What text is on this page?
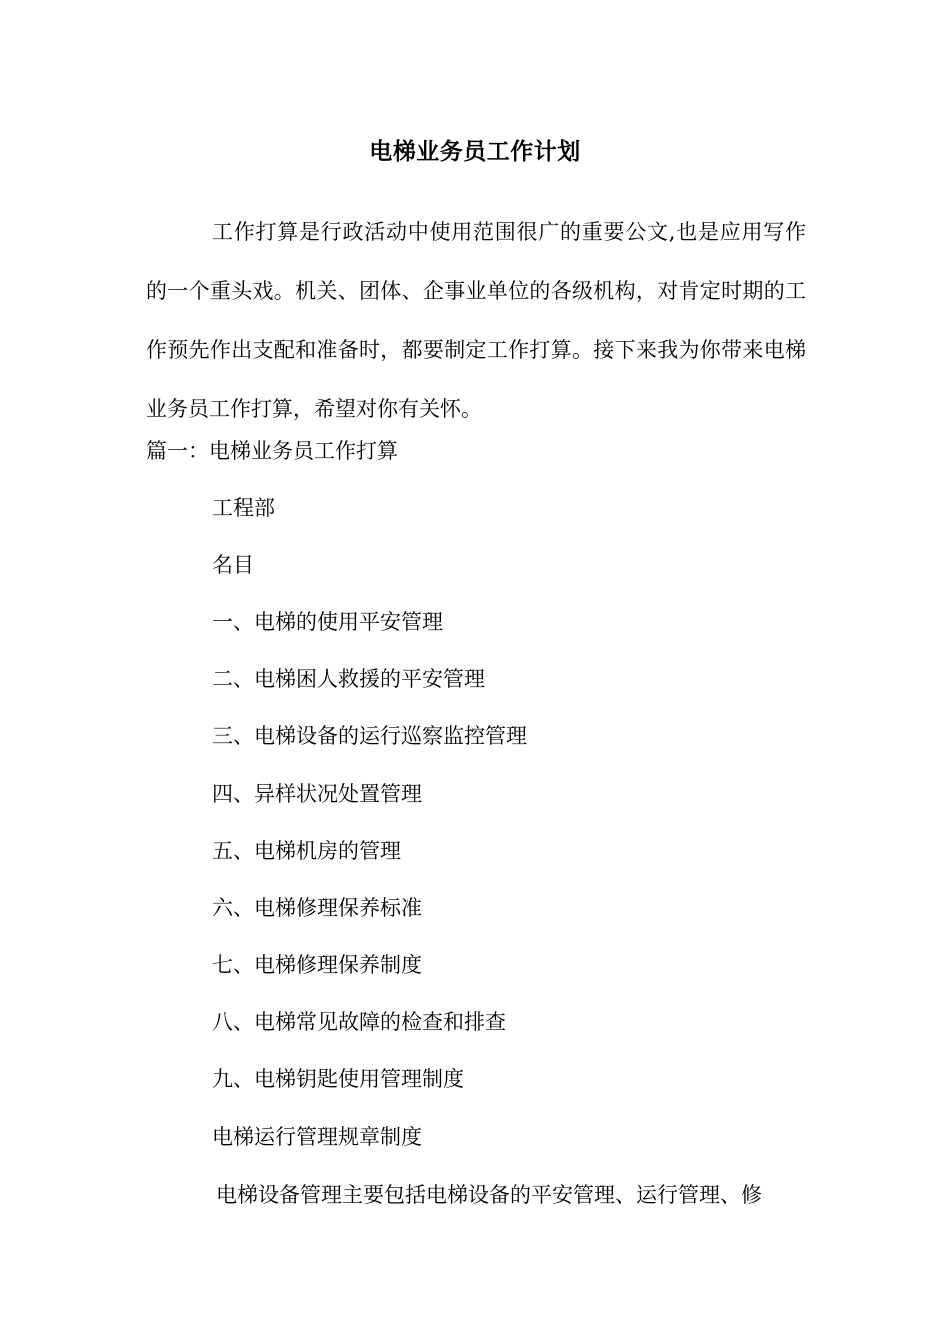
电梯业务员工作计划

工作打算是行政活动中使用范围很广的重要公文,也是应用写作的一个重头戏。机关、团体、企事业单位的各级机构，对肯定时期的工作预先作出支配和准备时，都要制定工作打算。接下来我为你带来电梯业务员工作打算，希望对你有关怀。

篇一：电梯业务员工作打算
工程部
名目
一、电梯的使用平安管理
二、电梯困人救援的平安管理
三、电梯设备的运行巡察监控管理
四、异样状况处置管理
五、电梯机房的管理
六、电梯修理保养标准
七、电梯修理保养制度
八、电梯常见故障的检查和排查
九、电梯钥匙使用管理制度
电梯运行管理规章制度
电梯设备管理主要包括电梯设备的平安管理、运行管理、修
